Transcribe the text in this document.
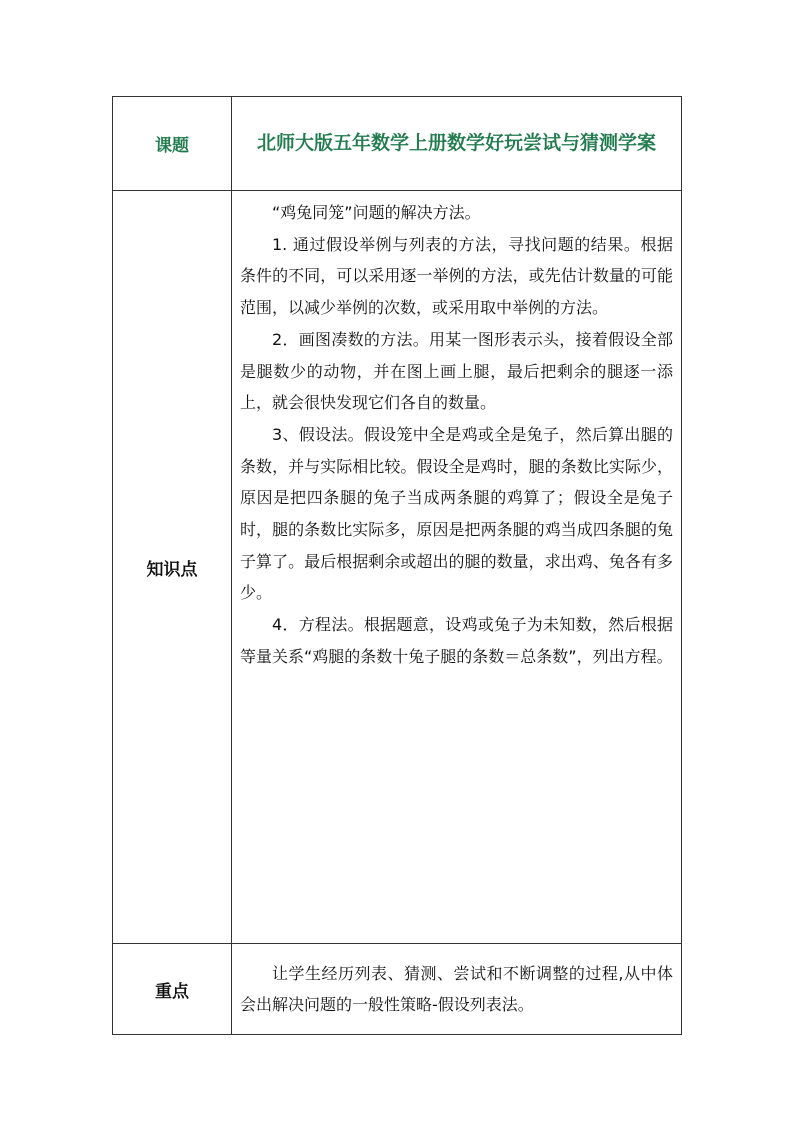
课题	北师大版五年数学上册数学好玩尝试与猜测学案
知识点	“鸡兔同笼”问题的解决方法。

1. 通过假设举例与列表的方法，寻找问题的结果。根据条件的不同，可以采用逐一举例的方法，或先估计数量的可能范围，以减少举例的次数，或采用取中举例的方法。

2．画图凑数的方法。用某一图形表示头，接着假设全部是腿数少的动物，并在图上画上腿，最后把剩余的腿逐一添上，就会很快发现它们各自的数量。

3、假设法。假设笼中全是鸡或全是兔子，然后算出腿的条数，并与实际相比较。假设全是鸡时，腿的条数比实际少，原因是把四条腿的兔子当成两条腿的鸡算了；假设全是兔子时，腿的条数比实际多，原因是把两条腿的鸡当成四条腿的兔子算了。最后根据剩余或超出的腿的数量，求出鸡、兔各有多少。

4．方程法。根据题意，设鸡或兔子为未知数，然后根据等量关系“鸡腿的条数十兔子腿的条数＝总条数”，列出方程。

重点	让学生经历列表、猜测、尝试和不断调整的过程,从中体会出解决问题的一般性策略-假设列表法。
